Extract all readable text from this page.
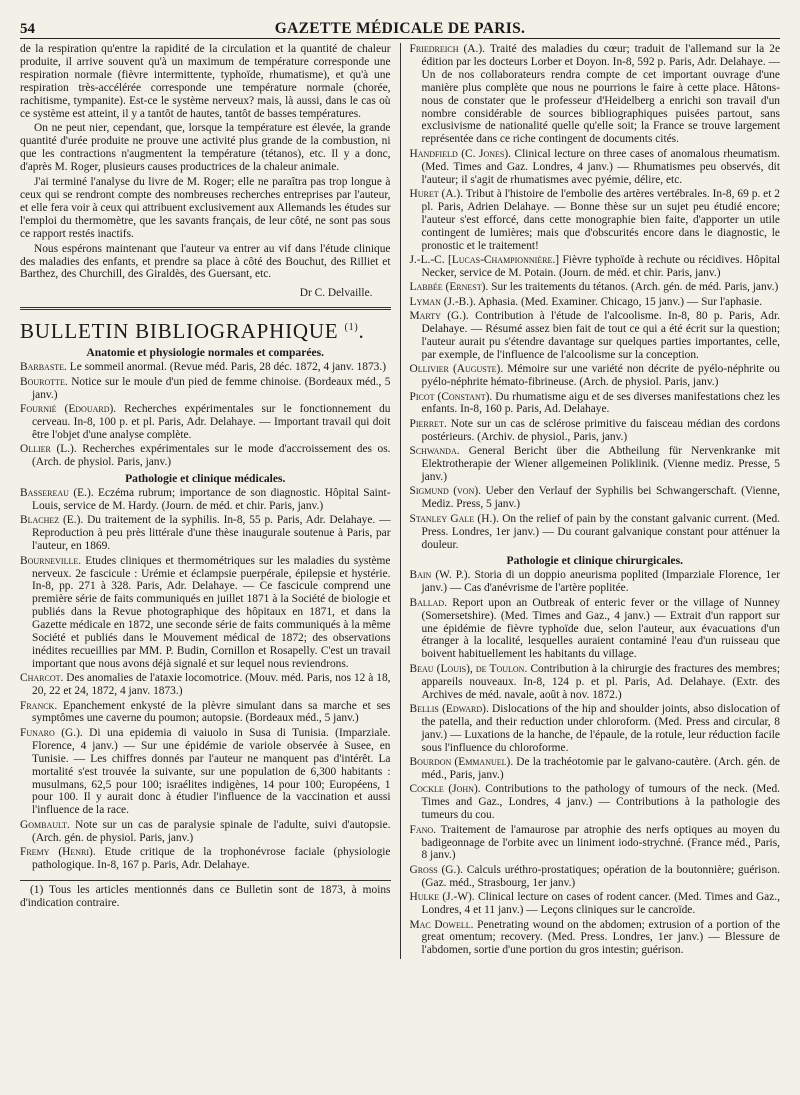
54	GAZETTE MÉDICALE DE PARIS.

de la respiration qu'entre la rapidité de la circulation et la quantité de chaleur produite, il arrive souvent qu'à un maximum de température corresponde une respiration normale (fièvre intermittente, typhoïde, rhumatisme), et qu'à une respiration très-accélérée corresponde une température normale (chorée, rachitisme, tympanite). Est-ce le système nerveux? mais, là aussi, dans le cas où ce système est atteint, il y a tantôt de hautes, tantôt de basses températures.

On ne peut nier, cependant, que, lorsque la température est élevée, la grande quantité d'urée produite ne prouve une activité plus grande de la combustion, ni que les contractions n'augmentent la température (tétanos), etc. Il y a donc, d'après M. Roger, plusieurs causes productrices de la chaleur animale.

J'ai terminé l'analyse du livre de M. Roger; elle ne paraîtra pas trop longue à ceux qui se rendront compte des nombreuses recherches entreprises par l'auteur, et elle fera voir à ceux qui attribuent exclusivement aux Allemands les études sur l'emploi du thermomètre, que les savants français, de leur côté, ne sont pas sous ce rapport restés inactifs.

Nous espérons maintenant que l'auteur va entrer au vif dans l'étude clinique des maladies des enfants, et prendre sa place à côté des Bouchut, des Rilliet et Barthez, des Churchill, des Giraldès, des Guersant, etc.

Dr C. Delvaille.
BULLETIN BIBLIOGRAPHIQUE $^{(1)}$.
Anatomie et physiologie normales et comparées.
Barbaste. Le sommeil anormal. (Revue méd. Paris, 28 déc. 1872, 4 janv. 1873.)
Bourotte. Notice sur le moule d'un pied de femme chinoise. (Bordeaux méd., 5 janv.)
Fournié (Edouard). Recherches expérimentales sur le fonctionnement du cerveau. In-8, 100 p. et pl. Paris, Adr. Delahaye. — Important travail qui doit être l'objet d'une analyse complète.
Ollier (L.). Recherches expérimentales sur le mode d'accroissement des os. (Arch. de physiol. Paris, janv.)
Pathologie et clinique médicales.
Bassereau (E.). Eczéma rubrum; importance de son diagnostic. Hôpital Saint-Louis, service de M. Hardy. (Journ. de méd. et chir. Paris, janv.)
Blachez (E.). Du traitement de la syphilis. In-8, 55 p. Paris, Adr. Delahaye. — Reproduction à peu près littérale d'une thèse inaugurale soutenue à Paris, par l'auteur, en 1869.
Bourneville. Etudes cliniques et thermométriques sur les maladies du système nerveux. 2e fascicule : Urémie et éclampsie puerpérale, épilepsie et hystérie. In-8, pp. 271 à 328. Paris, Adr. Delahaye. — Ce fascicule comprend une première série de faits communiqués en juillet 1871 à la Société de biologie et publiés dans la Revue photographique des hôpitaux en 1871, et dans la Gazette médicale en 1872, une seconde série de faits communiqués à la même Société et publiés dans le Mouvement médical de 1872; des observations inédites recueillies par MM. P. Budin, Cornillon et Rosapelly. C'est un travail important que nous avons déjà signalé et sur lequel nous reviendrons.
Charcot. Des anomalies de l'ataxie locomotrice. (Mouv. méd. Paris, nos 12 à 18, 20, 22 et 24, 1872, 4 janv. 1873.)
Franck. Epanchement enkysté de la plèvre simulant dans sa marche et ses symptômes une caverne du poumon; autopsie. (Bordeaux méd., 5 janv.)
Funaro (G.). Di una epidemia di vaiuolo in Susa di Tunisia. (Imparziale. Florence, 4 janv.) — Sur une épidémie de variole observée à Susee, en Tunisie. — Les chiffres donnés par l'auteur ne manquent pas d'intérêt. La mortalité s'est trouvée la suivante, sur une population de 6,300 habitants : musulmans, 62,5 pour 100; israélites indigènes, 14 pour 100; Européens, 1 pour 100. Il y aurait donc à étudier l'influence de la vaccination et aussi l'influence de la race.
Gombault. Note sur un cas de paralysie spinale de l'adulte, suivi d'autopsie. (Arch. gén. de physiol. Paris, janv.)
Fremy (Henri). Etude critique de la trophonévrose faciale (physiologie pathologique. In-8, 167 p. Paris, Adr. Delahaye.

(1) Tous les articles mentionnés dans ce Bulletin sont de 1873, à moins d'indication contraire.

Friedreich (A.). Traité des maladies du cœur; traduit de l'allemand sur la 2e édition par les docteurs Lorber et Doyon. In-8, 592 p. Paris, Adr. Delahaye. — Un de nos collaborateurs rendra compte de cet important ouvrage d'une manière plus complète que nous ne pourrions le faire à cette place. Hâtons-nous de constater que le professeur d'Heidelberg a enrichi son travail d'un nombre considérable de sources bibliographiques puisées partout, sans exclusivisme de nationalité quelle qu'elle soit; la France se trouve largement représentée dans ce riche contingent de documents cités.
Handfield (C. Jones). Clinical lecture on three cases of anomalous rheumatism. (Med. Times and Gaz. Londres, 4 janv.) — Rhumatismes peu observés, dit l'auteur; il s'agit de rhumatismes avec pyémie, délire, etc.
Huret (A.). Tribut à l'histoire de l'embolie des artères vertébrales. In-8, 69 p. et 2 pl. Paris, Adrien Delahaye. — Bonne thèse sur un sujet peu étudié encore; l'auteur s'est efforcé, dans cette monographie bien faite, d'apporter un utile contingent de lumières; mais que d'obscurités encore dans le diagnostic, le pronostic et le traitement!
J.-L.-C. [Lucas-Championnière.] Fièvre typhoïde à rechute ou récidives. Hôpital Necker, service de M. Potain. (Journ. de méd. et chir. Paris, janv.)
Labbée (Ernest). Sur les traitements du tétanos. (Arch. gén. de méd. Paris, janv.)
Lyman (J.-B.). Aphasia. (Med. Examiner. Chicago, 15 janv.) — Sur l'aphasie.
Marty (G.). Contribution à l'étude de l'alcoolisme. In-8, 80 p. Paris, Adr. Delahaye. — Résumé assez bien fait de tout ce qui a été écrit sur la question; l'auteur aurait pu s'étendre davantage sur quelques parties importantes, celle, par exemple, de l'influence de l'alcoolisme sur la conception.
Ollivier (Auguste). Mémoire sur une variété non décrite de pyélo-néphrite ou pyélo-néphrite hémato-fibrineuse. (Arch. de physiol. Paris, janv.)
Picot (Constant). Du rhumatisme aigu et de ses diverses manifestations chez les enfants. In-8, 160 p. Paris, Ad. Delahaye.
Pierret. Note sur un cas de sclérose primitive du faisceau médian des cordons postérieurs. (Archiv. de physiol., Paris, janv.)
Schwanda. General Bericht über die Abtheilung für Nervenkranke mit Elektrotherapie der Wiener allgemeinen Poliklinik. (Vienne mediz. Presse, 5 janv.)
Sigmund (von). Ueber den Verlauf der Syphilis bei Schwangerschaft. (Vienne, Mediz. Press, 5 janv.)
Stanley Gale (H.). On the relief of pain by the constant galvanic current. (Med. Press. Londres, 1er janv.) — Du courant galvanique constant pour atténuer la douleur.
Pathologie et clinique chirurgicales.
Bain (W. P.). Storia di un doppio aneurisma poplited (Imparziale Florence, 1er janv.) — Cas d'anévrisme de l'artère poplitée.
Ballad. Report upon an Outbreak of enteric fever or the village of Nunney (Somersetshire). (Med. Times and Gaz., 4 janv.) — Extrait d'un rapport sur une épidémie de fièvre typhoïde due, selon l'auteur, aux évacuations d'un étranger à la localité, lesquelles auraient contaminé l'eau d'un ruisseau que boivent habituellement les habitants du village.
Beau (Louis), de Toulon. Contribution à la chirurgie des fractures des membres; appareils nouveaux. In-8, 124 p. et pl. Paris, Ad. Delahaye. (Extr. des Archives de méd. navale, août à nov. 1872.)
Bellis (Edward). Dislocations of the hip and shoulder joints, abso dislocation of the patella, and their reduction under chloroform. (Med. Press and circular, 8 janv.) — Luxations de la hanche, de l'épaule, de la rotule, leur réduction facile sous l'influence du chloroforme.
Bourdon (Emmanuel). De la trachéotomie par le galvano-cautère. (Arch. gén. de méd., Paris, janv.)
Cockle (John). Contributions to the pathology of tumours of the neck. (Med. Times and Gaz., Londres, 4 janv.) — Contributions à la pathologie des tumeurs du cou.
Fano. Traitement de l'amaurose par atrophie des nerfs optiques au moyen du badigeonnage de l'orbite avec un liniment iodo-strychné. (France méd., Paris, 8 janv.)
Gross (G.). Calculs uréthro-prostatiques; opération de la boutonnière; guérison. (Gaz. méd., Strasbourg, 1er janv.)
Hulke (J.-W). Clinical lecture on cases of rodent cancer. (Med. Times and Gaz., Londres, 4 et 11 janv.) — Leçons cliniques sur le cancroïde.
Mac Dowell. Penetrating wound on the abdomen; extrusion of a portion of the great omentum; recovery. (Med. Press. Londres, 1er janv.) — Blessure de l'abdomen, sortie d'une portion du gros intestin; guérison.
